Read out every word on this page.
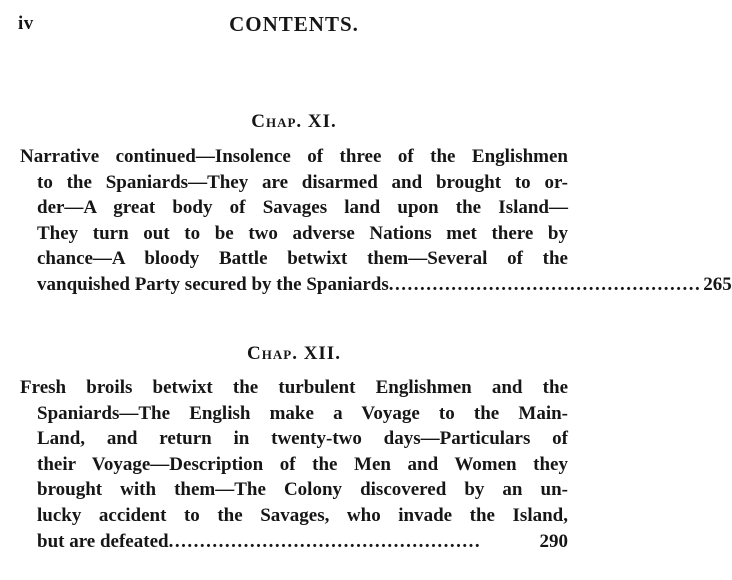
iv	CONTENTS.
Chap. XI.
Narrative continued—Insolence of three of the Englishmen
to the Spaniards—They are disarmed and brought to or-
der—A great body of Savages land upon the Island—
They turn out to be two adverse Nations met there by
chance—A bloody Battle betwixt them—Several of the
vanquished Party secured by the Spaniards .................................................. 265
Chap. XII.
Fresh broils betwixt the turbulent Englishmen and the
Spaniards—The English make a Voyage to the Main-
Land, and return in twenty-two days—Particulars of
their Voyage—Description of the Men and Women they
brought with them—The Colony discovered by an un-
lucky accident to the Savages, who invade the Island,
but are defeated ..................................................	290
